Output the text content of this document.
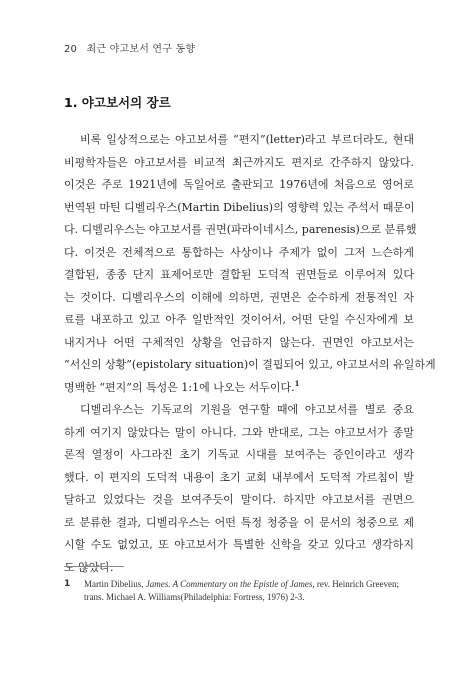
20 최근 야고보서 연구 동향
1. 야고보서의 장르
비록 일상적으로는 야고보서를 “편지”(letter)라고 부르더라도, 현대
비평학자들은 야고보서를 비교적 최근까지도 편지로 간주하지 않았다.
이것은 주로 1921년에 독일어로 출판되고 1976년에 처음으로 영어로
번역된 마틴 디벨리우스(Martin Dibelius)의 영향력 있는 주석서 때문이
다. 디벨리우스는 야고보서를 권면(파라이네시스, parenesis)으로 분류했
다. 이것은 전체적으로 통합하는 사상이나 주제가 없이 그저 느슨하게
결합된, 종종 단지 표제어로만 결합된 도덕적 권면들로 이루어져 있다
는 것이다. 디벨리우스의 이해에 의하면, 권면은 순수하게 전통적인 자
료를 내포하고 있고 아주 일반적인 것이어서, 어떤 단일 수신자에게 보
내지거나 어떤 구체적인 상황을 언급하지 않는다. 권면인 야고보서는
“서신의 상황”(epistolary situation)이 결핍되어 있고, 야고보서의 유일하게
명백한 “편지”의 특성은 1:1에 나오는 서두이다.$^1$
디벨리우스는 기독교의 기원을 연구할 때에 야고보서를 별로 중요
하게 여기지 않았다는 말이 아니다. 그와 반대로, 그는 야고보서가 종말
론적 열정이 사그라진 초기 기독교 시대를 보여주는 증인이라고 생각
했다. 이 편지의 도덕적 내용이 초기 교회 내부에서 도덕적 가르침이 발
달하고 있었다는 것을 보여주듯이 말이다. 하지만 야고보서를 권면으
로 분류한 결과, 디벨리우스는 어떤 특정 청중을 이 문서의 청중으로 제
시할 수도 없었고, 또 야고보서가 특별한 신학을 갖고 있다고 생각하지
도 않았다.
1 Martin Dibelius, James. A Commentary on the Epistle of James, rev. Heinrich Greeven;
trans. Michael A. Williams(Philadelphia: Fortress, 1976) 2-3.
